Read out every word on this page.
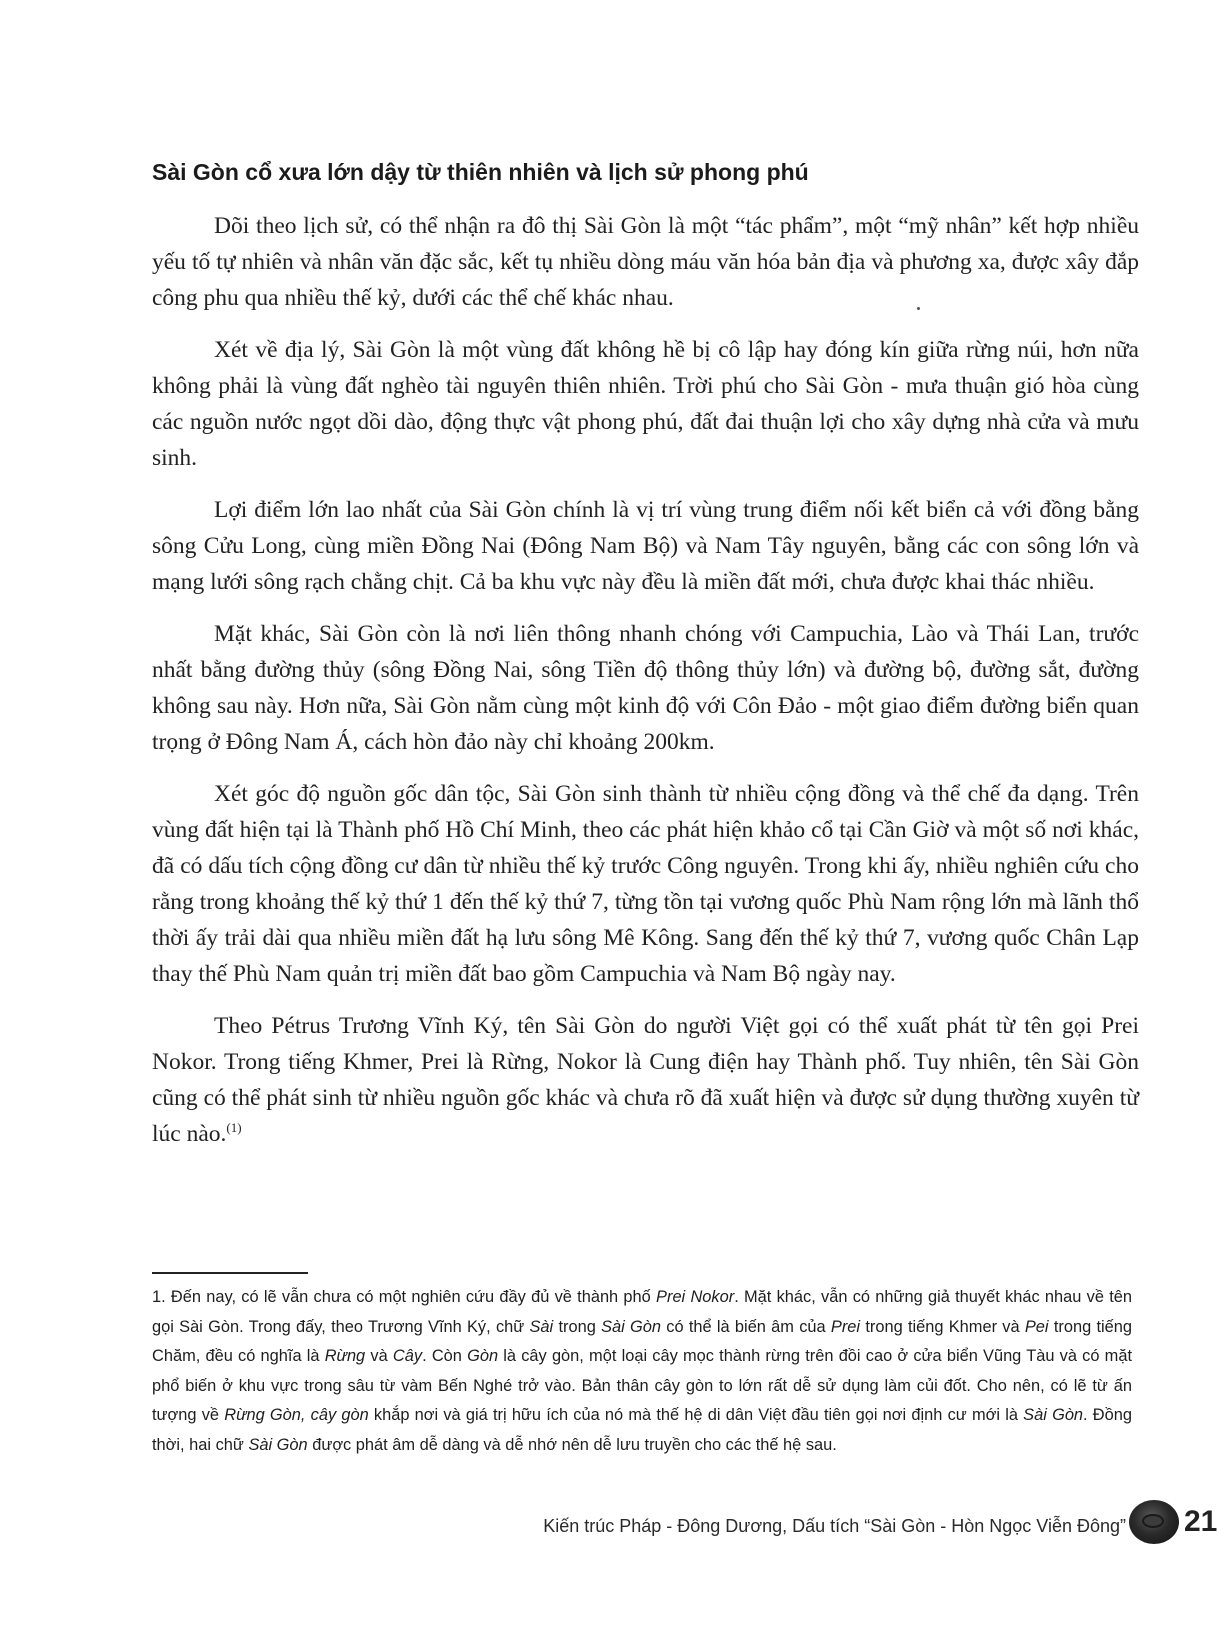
Sài Gòn cổ xưa lớn dậy từ thiên nhiên và lịch sử phong phú

Dõi theo lịch sử, có thể nhận ra đô thị Sài Gòn là một “tác phẩm”, một “mỹ nhân” kết hợp nhiều yếu tố tự nhiên và nhân văn đặc sắc, kết tụ nhiều dòng máu văn hóa bản địa và phương xa, được xây đắp công phu qua nhiều thế kỷ, dưới các thể chế khác nhau.

Xét về địa lý, Sài Gòn là một vùng đất không hề bị cô lập hay đóng kín giữa rừng núi, hơn nữa không phải là vùng đất nghèo tài nguyên thiên nhiên. Trời phú cho Sài Gòn - mưa thuận gió hòa cùng các nguồn nước ngọt dồi dào, động thực vật phong phú, đất đai thuận lợi cho xây dựng nhà cửa và mưu sinh.

Lợi điểm lớn lao nhất của Sài Gòn chính là vị trí vùng trung điểm nối kết biển cả với đồng bằng sông Cửu Long, cùng miền Đồng Nai (Đông Nam Bộ) và Nam Tây nguyên, bằng các con sông lớn và mạng lưới sông rạch chằng chịt. Cả ba khu vực này đều là miền đất mới, chưa được khai thác nhiều.

Mặt khác, Sài Gòn còn là nơi liên thông nhanh chóng với Campuchia, Lào và Thái Lan, trước nhất bằng đường thủy (sông Đồng Nai, sông Tiền độ thông thủy lớn) và đường bộ, đường sắt, đường không sau này. Hơn nữa, Sài Gòn nằm cùng một kinh độ với Côn Đảo - một giao điểm đường biển quan trọng ở Đông Nam Á, cách hòn đảo này chỉ khoảng 200km.

Xét góc độ nguồn gốc dân tộc, Sài Gòn sinh thành từ nhiều cộng đồng và thể chế đa dạng. Trên vùng đất hiện tại là Thành phố Hồ Chí Minh, theo các phát hiện khảo cổ tại Cần Giờ và một số nơi khác, đã có dấu tích cộng đồng cư dân từ nhiều thế kỷ trước Công nguyên. Trong khi ấy, nhiều nghiên cứu cho rằng trong khoảng thế kỷ thứ 1 đến thế kỷ thứ 7, từng tồn tại vương quốc Phù Nam rộng lớn mà lãnh thổ thời ấy trải dài qua nhiều miền đất hạ lưu sông Mê Kông. Sang đến thế kỷ thứ 7, vương quốc Chân Lạp thay thế Phù Nam quản trị miền đất bao gồm Campuchia và Nam Bộ ngày nay.

Theo Pétrus Trương Vĩnh Ký, tên Sài Gòn do người Việt gọi có thể xuất phát từ tên gọi Prei Nokor. Trong tiếng Khmer, Prei là Rừng, Nokor là Cung điện hay Thành phố. Tuy nhiên, tên Sài Gòn cũng có thể phát sinh từ nhiều nguồn gốc khác và chưa rõ đã xuất hiện và được sử dụng thường xuyên từ lúc nào.$^{(1)}$

1. Đến nay, có lẽ vẫn chưa có một nghiên cứu đầy đủ về thành phố Prei Nokor. Mặt khác, vẫn có những giả thuyết khác nhau về tên gọi Sài Gòn. Trong đấy, theo Trương Vĩnh Ký, chữ Sài trong Sài Gòn có thể là biến âm của Prei trong tiếng Khmer và Pei trong tiếng Chăm, đều có nghĩa là Rừng và Cây. Còn Gòn là cây gòn, một loại cây mọc thành rừng trên đồi cao ở cửa biển Vũng Tàu và có mặt phổ biến ở khu vực trong sâu từ vàm Bến Nghé trở vào. Bản thân cây gòn to lớn rất dễ sử dụng làm củi đốt. Cho nên, có lẽ từ ấn tượng về Rừng Gòn, cây gòn khắp nơi và giá trị hữu ích của nó mà thế hệ di dân Việt đầu tiên gọi nơi định cư mới là Sài Gòn. Đồng thời, hai chữ Sài Gòn được phát âm dễ dàng và dễ nhớ nên dễ lưu truyền cho các thế hệ sau.

Kiến trúc Pháp - Đông Dương, Dấu tích “Sài Gòn - Hòn Ngọc Viễn Đông” 21
